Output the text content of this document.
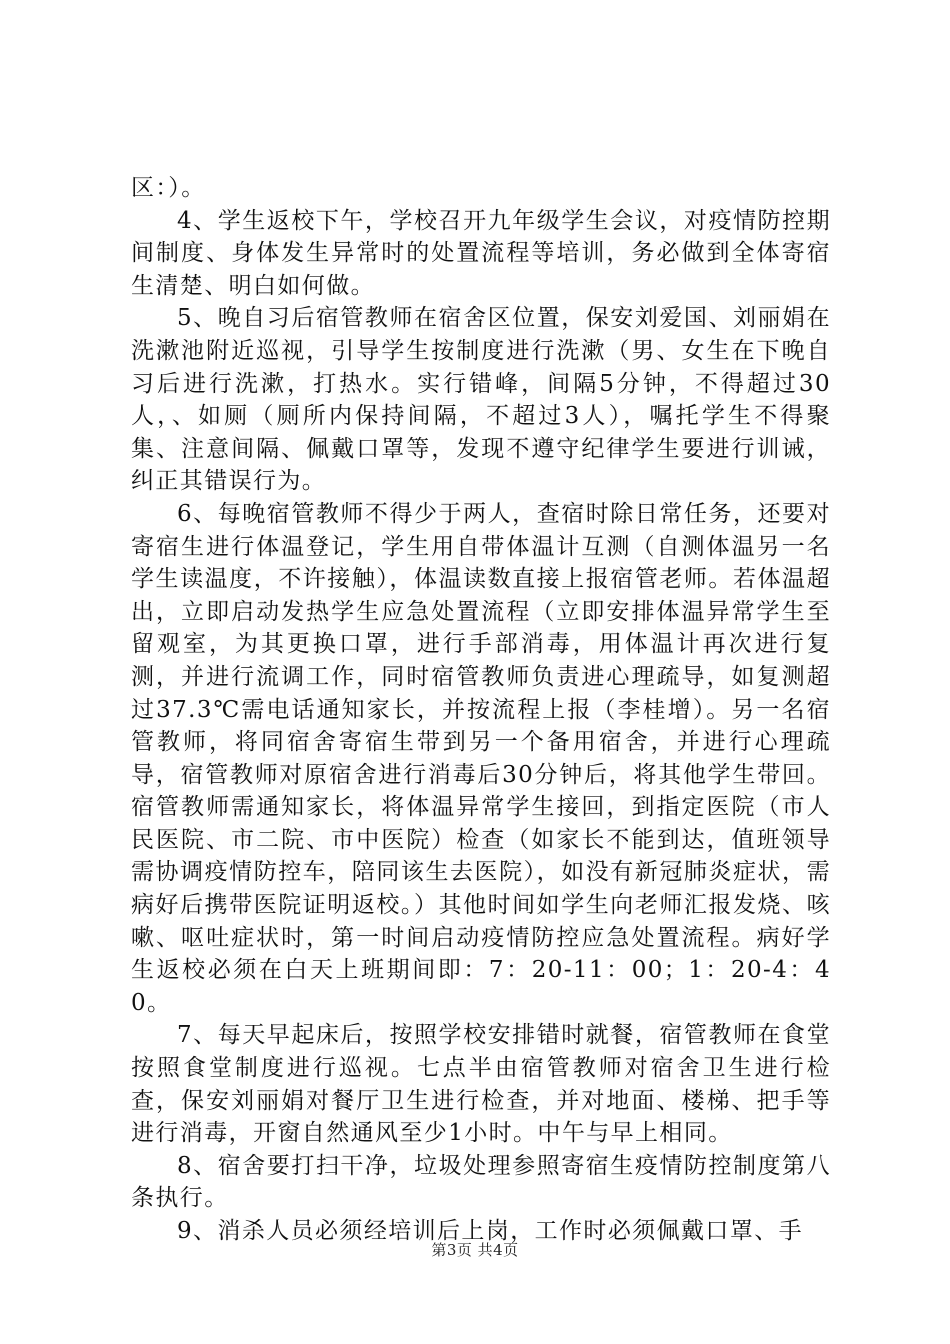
区：）。

4、学生返校下午，学校召开九年级学生会议，对疫情防控期间制度、身体发生异常时的处置流程等培训，务必做到全体寄宿生清楚、明白如何做。

5、晚自习后宿管教师在宿舍区位置，保安刘爱国、刘丽娟在洗漱池附近巡视，引导学生按制度进行洗漱（男、女生在下晚自习后进行洗漱，打热水。实行错峰，间隔5分钟，不得超过30人，、如厕（厕所内保持间隔，不超过3人），嘱托学生不得聚集、注意间隔、佩戴口罩等，发现不遵守纪律学生要进行训诫，纠正其错误行为。

6、每晚宿管教师不得少于两人，查宿时除日常任务，还要对寄宿生进行体温登记，学生用自带体温计互测（自测体温另一名学生读温度，不许接触），体温读数直接上报宿管老师。若体温超出，立即启动发热学生应急处置流程（立即安排体温异常学生至留观室，为其更换口罩，进行手部消毒，用体温计再次进行复测，并进行流调工作，同时宿管教师负责进心理疏导，如复测超过37.3℃需电话通知家长，并按流程上报（李桂增）。另一名宿管教师，将同宿舍寄宿生带到另一个备用宿舍，并进行心理疏导，宿管教师对原宿舍进行消毒后30分钟后，将其他学生带回。宿管教师需通知家长，将体温异常学生接回，到指定医院（市人民医院、市二院、市中医院）检查（如家长不能到达，值班领导需协调疫情防控车，陪同该生去医院），如没有新冠肺炎症状，需病好后携带医院证明返校。）其他时间如学生向老师汇报发烧、咳嗽、呕吐症状时，第一时间启动疫情防控应急处置流程。病好学生返校必须在白天上班期间即：7：20-11：00；1：20-4：40。

7、每天早起床后，按照学校安排错时就餐，宿管教师在食堂按照食堂制度进行巡视。七点半由宿管教师对宿舍卫生进行检查，保安刘丽娟对餐厅卫生进行检查，并对地面、楼梯、把手等进行消毒，开窗自然通风至少1小时。中午与早上相同。

8、宿舍要打扫干净，垃圾处理参照寄宿生疫情防控制度第八条执行。

9、消杀人员必须经培训后上岗，工作时必须佩戴口罩、手

第3页 共4页
